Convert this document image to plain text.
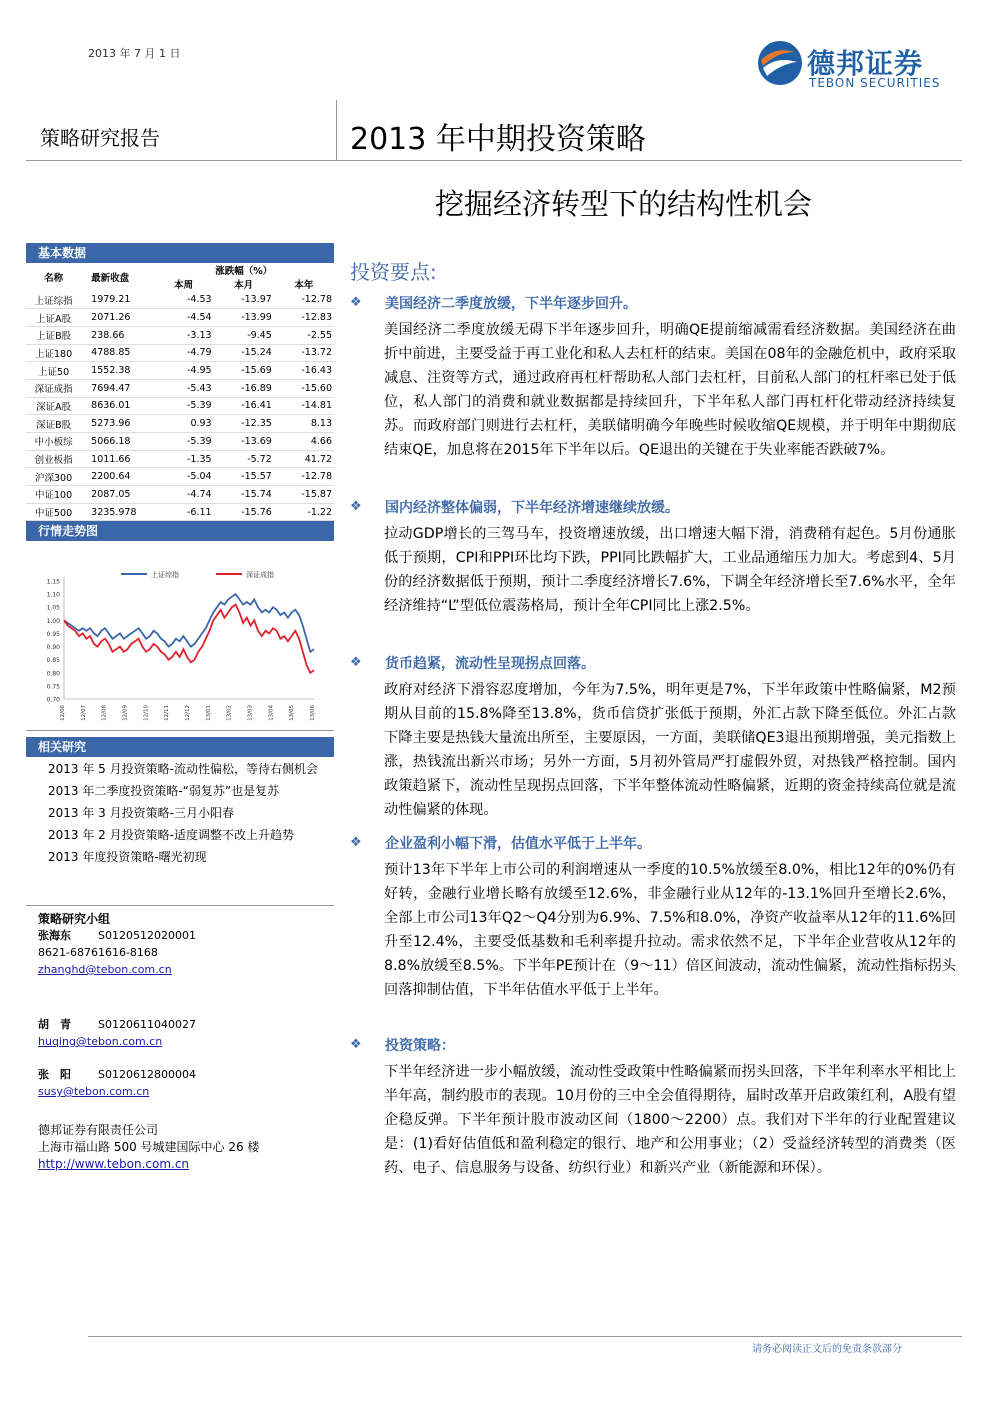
2013 年 7 月 1 日	德邦证券
TEBON SECURITIES
策略研究报告	2013 年中期投资策略
挖掘经济转型下的结构性机会
基本数据
名称	最新收盘	涨跌幅（%）		
		本周	本月	本年
上证综指	1979.21	-4.53	-13.97	-12.78
上证A股	2071.26	-4.54	-13.99	-12.83
上证B股	238.66	-3.13	-9.45	-2.55
上证180	4788.85	-4.79	-15.24	-13.72
上证50	1552.38	-4.95	-15.69	-16.43
深证成指	7694.47	-5.43	-16.89	-15.60
深证A股	8636.01	-5.39	-16.41	-14.81
深证B股	5273.96	0.93	-12.35	8.13
中小板综	5066.18	-5.39	-13.69	4.66
创业板指	1011.66	-1.35	-5.72	41.72
沪深300	2200.64	-5.04	-15.57	-12.78
中证100	2087.05	-4.74	-15.74	-15.87
中证500	3235.978	-6.11	-15.76	-1.22
行情走势图
上证综指	深证成指
1.15
1.10
1.05
1.00
0.95
0.90
0.85
0.80
0.75
0.70
12/06	12/07	12/08	12/09	12/10	12/11	12/12	13/01	13/02	13/03	13/04	13/05	13/06
相关研究
2013 年 5 月投资策略-流动性偏松，等待右侧机会
2013 年二季度投资策略-“弱复苏”也是复苏
2013 年 3 月投资策略-三月小阳春
2013 年 2 月投资策略-适度调整不改上升趋势
2013 年度投资策略-曙光初现
策略研究小组
张海东 S0120512020001
8621-68761616-8168
zhanghd@tebon.com.cn
胡　青 S0120611040027
huqing@tebon.com.cn
张　阳 S0120612800004
susy@tebon.com.cn
德邦证券有限责任公司
上海市福山路 500 号城建国际中心 26 楼
http://www.tebon.com.cn
投资要点:
❖ 美国经济二季度放缓，下半年逐步回升。
美国经济二季度放缓无碍下半年逐步回升，明确QE提前缩减需看经济数据。美国经济在曲折中前进，主要受益于再工业化和私人去杠杆的结束。美国在08年的金融危机中，政府采取减息、注资等方式，通过政府再杠杆帮助私人部门去杠杆，目前私人部门的杠杆率已处于低位，私人部门的消费和就业数据都是持续回升，下半年私人部门再杠杆化带动经济持续复苏。而政府部门则进行去杠杆，美联储明确今年晚些时候收缩QE规模，并于明年中期彻底结束QE，加息将在2015年下半年以后。QE退出的关键在于失业率能否跌破7%。
❖ 国内经济整体偏弱，下半年经济增速继续放缓。
拉动GDP增长的三驾马车，投资增速放缓，出口增速大幅下滑，消费稍有起色。5月份通胀低于预期，CPI和PPI环比均下跌，PPI同比跌幅扩大，工业品通缩压力加大。考虑到4、5月份的经济数据低于预期，预计二季度经济增长7.6%，下调全年经济增长至7.6%水平，全年经济维持“L”型低位震荡格局，预计全年CPI同比上涨2.5%。
❖ 货币趋紧，流动性呈现拐点回落。
政府对经济下滑容忍度增加，今年为7.5%，明年更是7%，下半年政策中性略偏紧，M2预期从目前的15.8%降至13.8%，货币信贷扩张低于预期，外汇占款下降至低位。外汇占款下降主要是热钱大量流出所至，主要原因，一方面，美联储QE3退出预期增强，美元指数上涨，热钱流出新兴市场；另外一方面，5月初外管局严打虚假外贸，对热钱严格控制。国内政策趋紧下，流动性呈现拐点回落，下半年整体流动性略偏紧，近期的资金持续高位就是流动性偏紧的体现。
❖ 企业盈利小幅下滑，估值水平低于上半年。
预计13年下半年上市公司的利润增速从一季度的10.5%放缓至8.0%，相比12年的0%仍有好转，金融行业增长略有放缓至12.6%，非金融行业从12年的-13.1%回升至增长2.6%，全部上市公司13年Q2～Q4分别为6.9%、7.5%和8.0%，净资产收益率从12年的11.6%回升至12.4%，主要受低基数和毛利率提升拉动。需求依然不足，下半年企业营收从12年的8.8%放缓至8.5%。下半年PE预计在（9～11）倍区间波动，流动性偏紧，流动性指标拐头回落抑制估值，下半年估值水平低于上半年。
❖ 投资策略：
下半年经济进一步小幅放缓，流动性受政策中性略偏紧而拐头回落，下半年利率水平相比上半年高，制约股市的表现。10月份的三中全会值得期待，届时改革开启政策红利，A股有望企稳反弹。下半年预计股市波动区间（1800～2200）点。我们对下半年的行业配置建议是：(1)看好估值低和盈利稳定的银行、地产和公用事业；（2）受益经济转型的消费类（医药、电子、信息服务与设备、纺织行业）和新兴产业（新能源和环保）。
请务必阅读正文后的免责条款部分
